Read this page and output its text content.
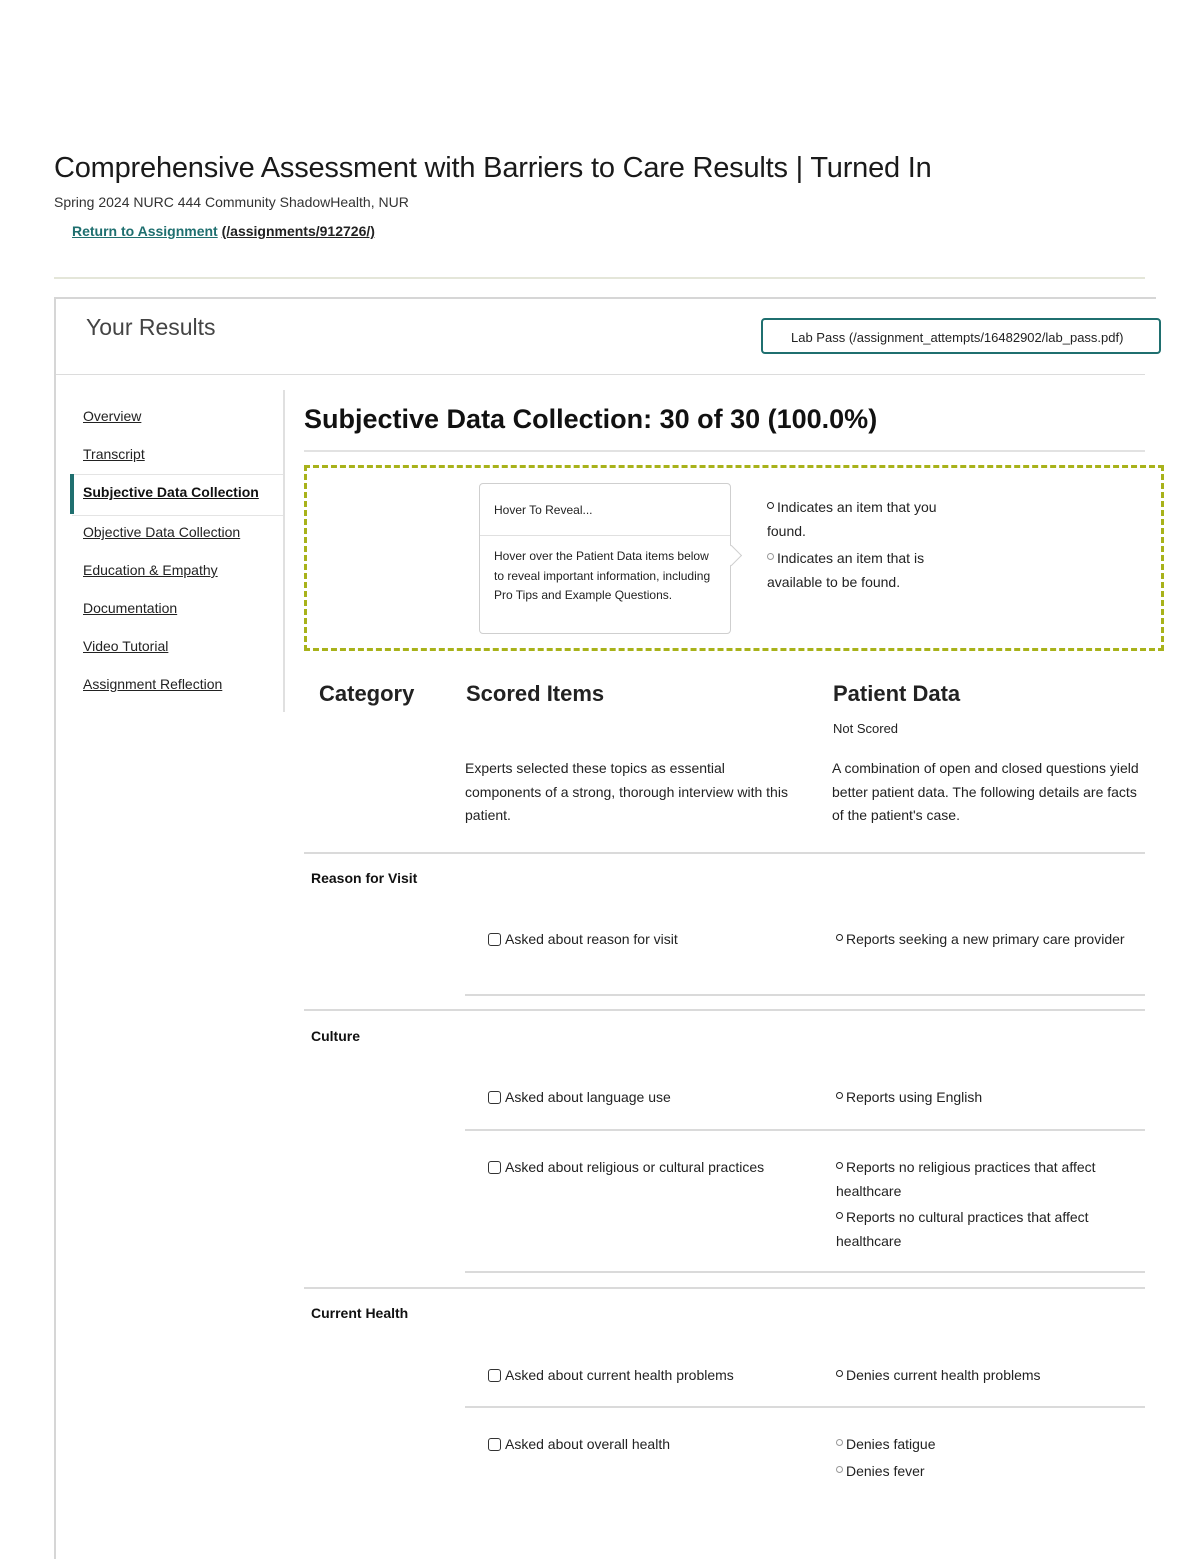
Comprehensive Assessment with Barriers to Care Results | Turned In
Spring 2024 NURC 444 Community ShadowHealth, NUR
Return to Assignment (/assignments/912726/)
Your Results	Lab Pass (/assignment_attempts/16482902/lab_pass.pdf)
Overview
Transcript
Subjective Data Collection
Objective Data Collection
Education & Empathy
Documentation
Video Tutorial
Assignment Reflection
Subjective Data Collection: 30 of 30 (100.0%)
Hover To Reveal...
Hover over the Patient Data items below to reveal important information, including Pro Tips and Example Questions.
Indicates an item that you found.
Indicates an item that is available to be found.
Category Scored Items	Patient Data
Not Scored
Experts selected these topics as essential components of a strong, thorough interview with this patient.
A combination of open and closed questions yield better patient data. The following details are facts of the patient's case.
Reason for Visit
Asked about reason for visit	Reports seeking a new primary care provider
Culture
Asked about language use	Reports using English
Asked about religious or cultural practices	Reports no religious practices that affect healthcare
Reports no cultural practices that affect healthcare
Current Health
Asked about current health problems	Denies current health problems
Asked about overall health	Denies fatigue
Denies fever
